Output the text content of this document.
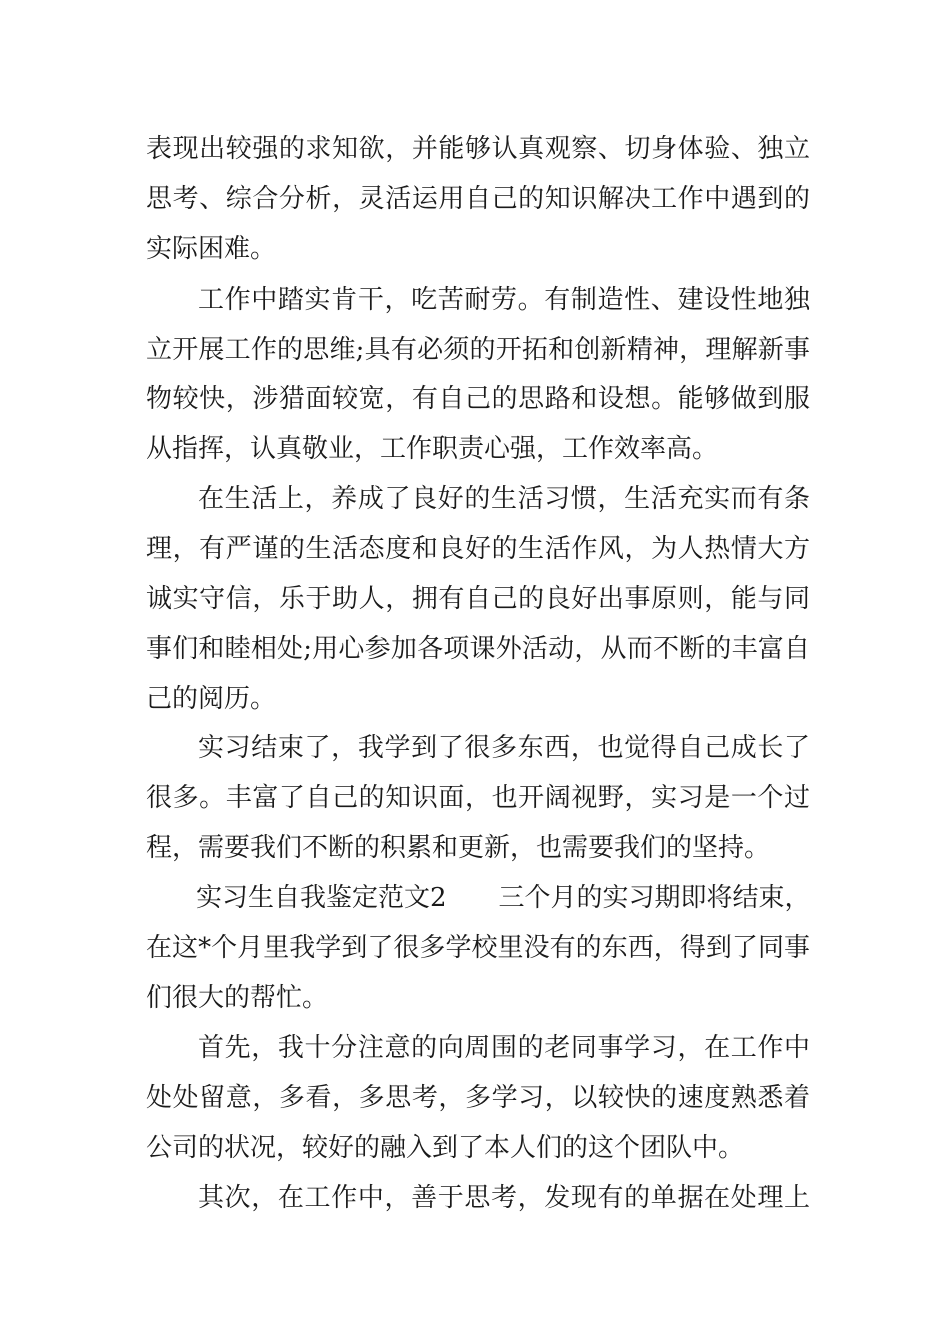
表现出较强的求知欲，并能够认真观察、切身体验、独立
思考、综合分析，灵活运用自己的知识解决工作中遇到的
实际困难。
工作中踏实肯干，吃苦耐劳。有制造性、建设性地独
立开展工作的思维;具有必须的开拓和创新精神，理解新事
物较快，涉猎面较宽，有自己的思路和设想。能够做到服
从指挥，认真敬业，工作职责心强，工作效率高。
在生活上，养成了良好的生活习惯，生活充实而有条
理，有严谨的生活态度和良好的生活作风，为人热情大方
诚实守信，乐于助人，拥有自己的良好出事原则，能与同
事们和睦相处;用心参加各项课外活动，从而不断的丰富自
己的阅历。
实习结束了，我学到了很多东西，也觉得自己成长了
很多。丰富了自己的知识面，也开阔视野，实习是一个过
程，需要我们不断的积累和更新，也需要我们的坚持。
实习生自我鉴定范文2　　三个月的实习期即将结束，
在这*个月里我学到了很多学校里没有的东西，得到了同事
们很大的帮忙。
首先，我十分注意的向周围的老同事学习，在工作中
处处留意，多看，多思考，多学习，以较快的速度熟悉着
公司的状况，较好的融入到了本人们的这个团队中。
其次，在工作中，善于思考，发现有的单据在处理上
